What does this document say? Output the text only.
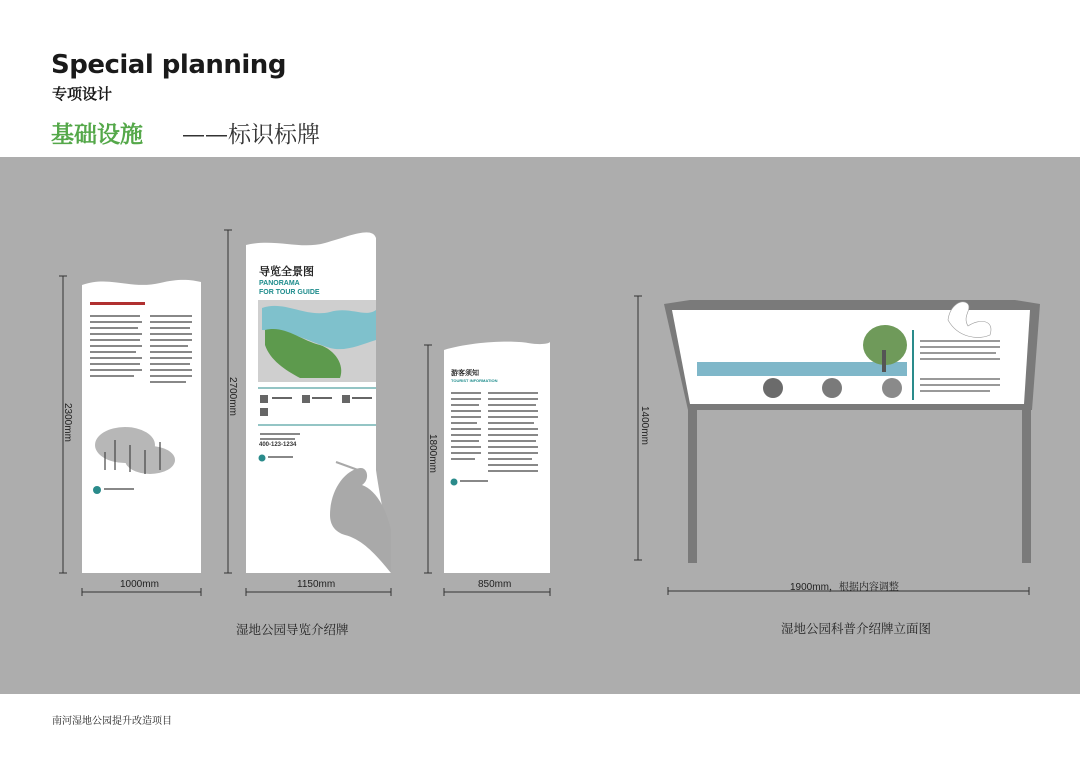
Special planning
专项设计
基础设施 ——标识标牌
导览全景图
PANORAMA
FOR TOUR GUIDE
400-123-1234
游客须知
TOURIST INFORMATION
2300mm
2700mm
1800mm
1400mm
1000mm	1150mm	850mm	1900mm，根据内容调整
湿地公园导览介绍牌	湿地公园科普介绍牌立面图
南河湿地公园提升改造项目
